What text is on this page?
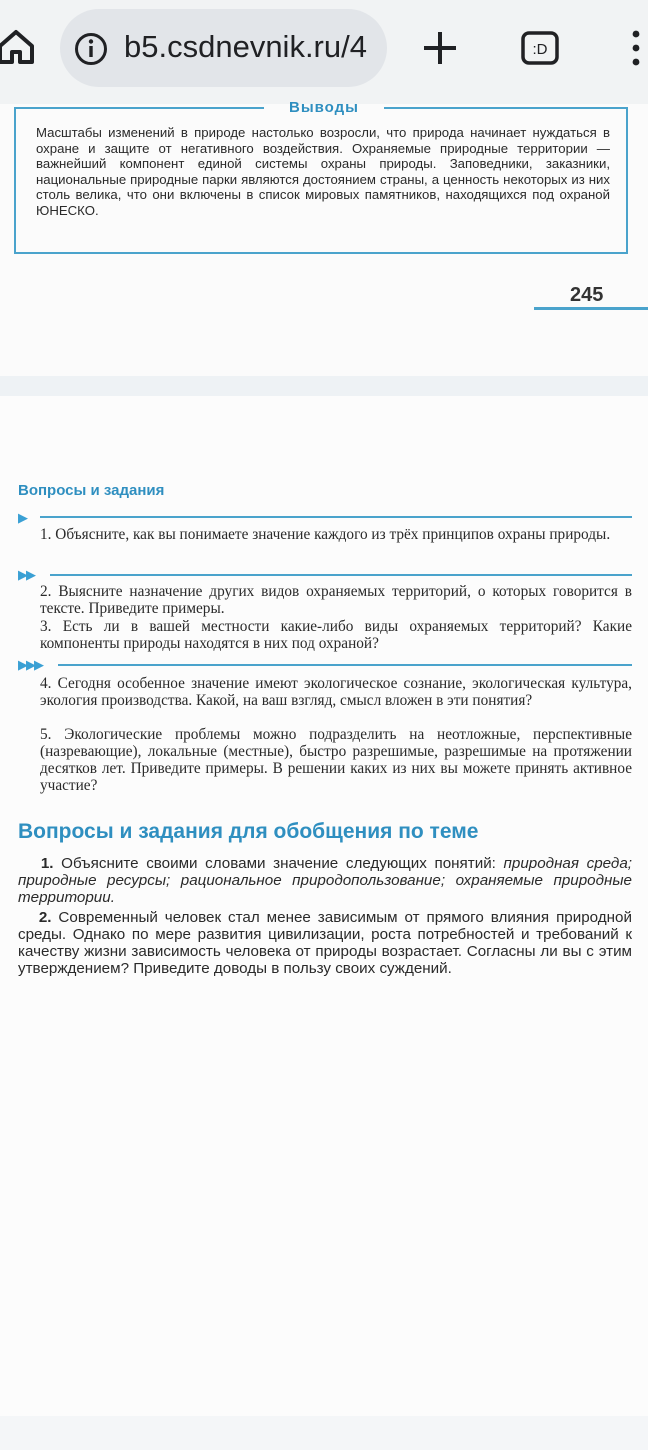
b5.csdnevnik.ru/4	:D
Выводы
Масштабы изменений в природе настолько возросли, что природа начинает нуждаться в охране и защите от негативного воздействия. Охраняемые природные территории — важнейший компонент единой системы охраны природы. Заповедники, заказники, национальные природные парки являются достоянием страны, а ценность некоторых из них столь велика, что они включены в список мировых памятников, находящихся под охраной ЮНЕСКО.
245
Вопросы и задания
▶
1. Объясните, как вы понимаете значение каждого из трёх принципов охраны природы.
▶▶
2. Выясните назначение других видов охраняемых территорий, о которых говорится в тексте. Приведите примеры.
3. Есть ли в вашей местности какие-либо виды охраняемых территорий? Какие компоненты природы находятся в них под охраной?
▶▶▶
4. Сегодня особенное значение имеют экологическое сознание, экологическая культура, экология производства. Какой, на ваш взгляд, смысл вложен в эти понятия?
5. Экологические проблемы можно подразделить на неотложные, перспективные (назревающие), локальные (местные), быстро разрешимые, разрешимые на протяжении десятков лет. Приведите примеры. В решении каких из них вы можете принять активное участие?
Вопросы и задания для обобщения по теме
1. Объясните своими словами значение следующих понятий: природная среда; природные ресурсы; рациональное природопользование; охраняемые природные территории.
2. Современный человек стал менее зависимым от прямого влияния природной среды. Однако по мере развития цивилизации, роста потребностей и требований к качеству жизни зависимость человека от природы возрастает. Согласны ли вы с этим утверждением? Приведите доводы в пользу своих суждений.
